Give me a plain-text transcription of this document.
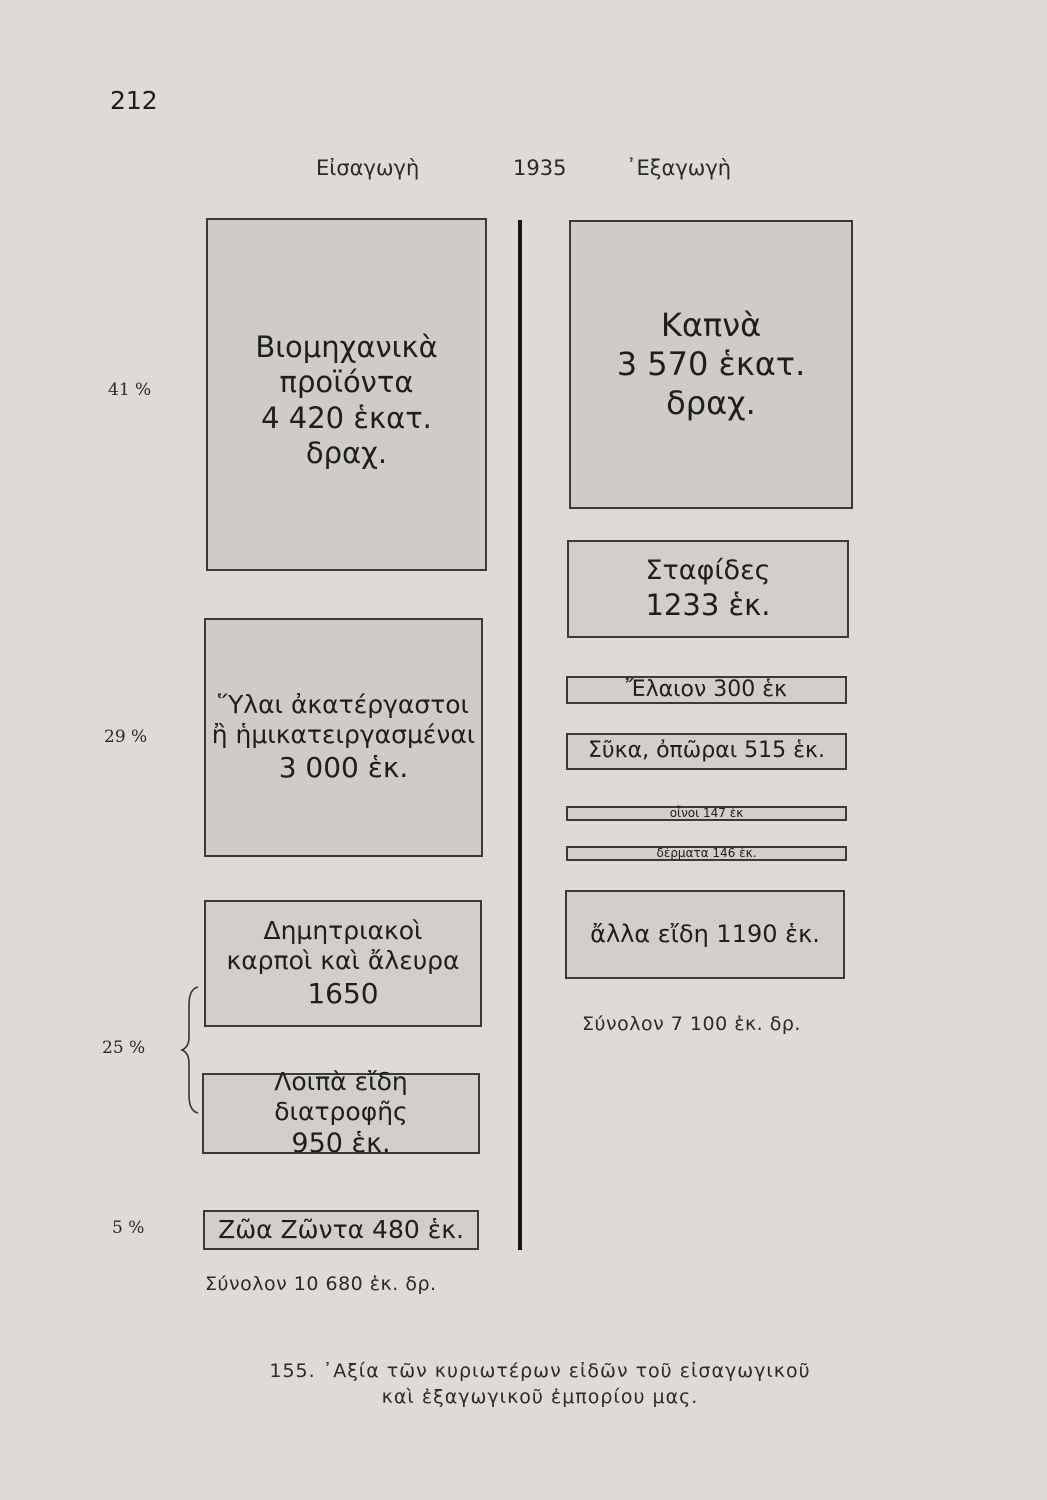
212
Εἰσαγωγὴ	1935	᾿Εξαγωγὴ
41 %
29 %
25 %
5 %
Βιομηχανικὰ
προϊόντα
4 420 ἑκατ.
δραχ.
Ὕλαι ἀκατέργαστοι
ἢ ἡμικατειργασμέναι
3 000 ἑκ.
Δημητριακοὶ
καρποὶ καὶ ἄλευρα
1650
Λοιπὰ εἴδη διατροφῆς
950 ἑκ.
Ζῶα Ζῶντα 480 ἑκ.
Σύνολον 10 680 ἑκ. δρ.
Καπνὰ
3 570 ἑκατ.
δραχ.
Σταφίδες
1233 ἑκ.
Ἔλαιον 300 ἑκ
Σῦκα, ὀπῶραι 515 ἑκ.
οἶνοι 147 ἑκ
δέρματα 146 ἑκ.
ἄλλα εἴδη 1190 ἑκ.
Σύνολον 7 100 ἑκ. δρ.
155. ᾿Αξία τῶν κυριωτέρων εἰδῶν τοῦ εἰσαγωγικοῦ
καὶ ἐξαγωγικοῦ ἐμπορίου μας.
